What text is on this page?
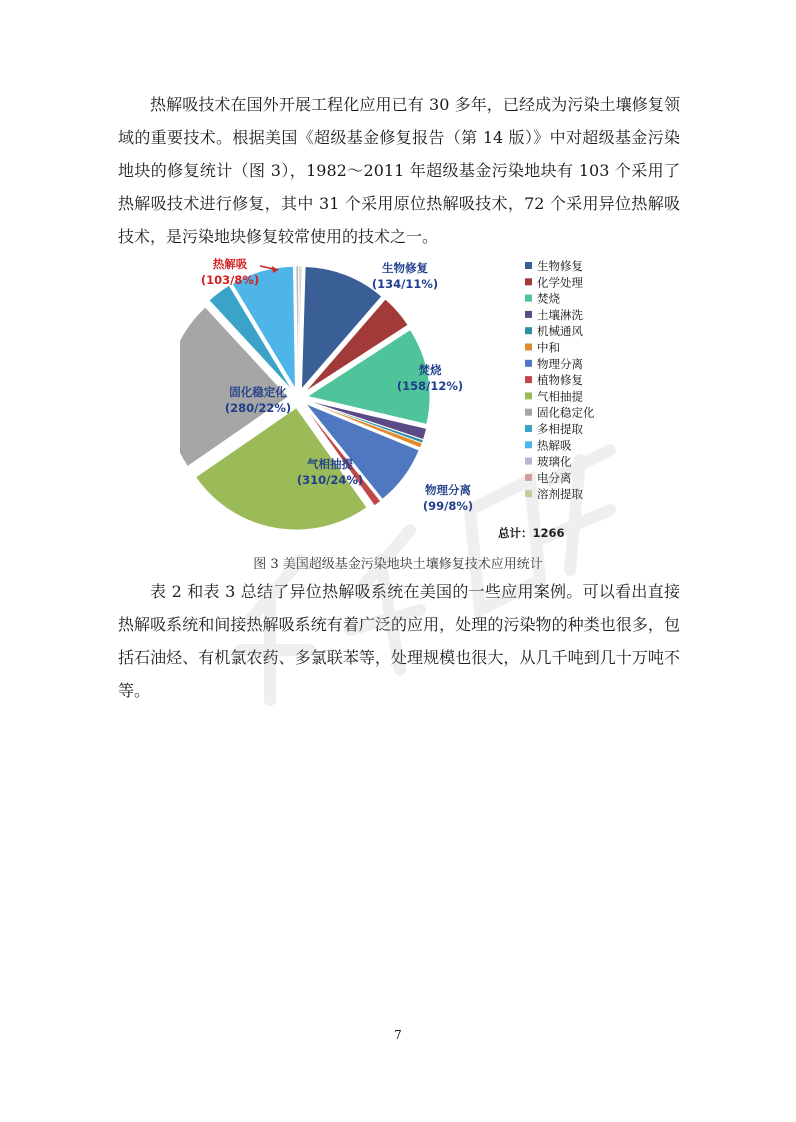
热解吸技术在国外开展工程化应用已有 30 多年，已经成为污染土壤修复领域的重要技术。根据美国《超级基金修复报告（第 14 版）》中对超级基金污染地块的修复统计（图 3），1982～2011 年超级基金污染地块有 103 个采用了热解吸技术进行修复，其中 31 个采用原位热解吸技术，72 个采用异位热解吸技术，是污染地块修复较常使用的技术之一。

生物修复
(134/11%)
焚烧
(158/12%)
物理分离
(99/8%)
气相抽提
(310/24%)
固化稳定化
(280/22%)
热解吸
(103/8%)
生物修复
化学处理
焚烧
土壤淋洗
机械通风
中和
物理分离
植物修复
气相抽提
固化稳定化
多相提取
热解吸
玻璃化
电分离
溶剂提取
总计：1266
图 3 美国超级基金污染地块土壤修复技术应用统计

表 2 和表 3 总结了异位热解吸系统在美国的一些应用案例。可以看出直接热解吸系统和间接热解吸系统有着广泛的应用，处理的污染物的种类也很多，包括石油烃、有机氯农药、多氯联苯等，处理规模也很大，从几千吨到几十万吨不等。

7
